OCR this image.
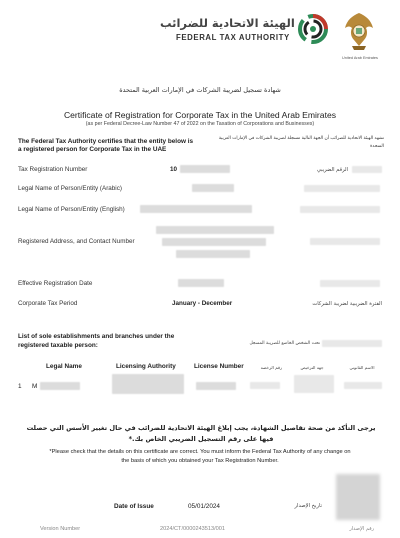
الهيئة الاتحادية للضرائب
FEDERAL TAX AUTHORITY
United Arab Emirates
شهادة تسجيل لضريبة الشركات في الإمارات العربية المتحدة
Certificate of Registration for Corporate Tax in the United Arab Emirates
(as per Federal Decree-Law Number 47 of 2022 on the Taxation of Corporations and Businesses)
The Federal Tax Authority certifies that the entity below is
a registered person for Corporate Tax in the UAE
تشهد الهيئة الاتحادية للضرائب أن الجهة التالية مسجلة لضريبة الشركات في الإمارات العربية
المتحدة
Tax Registration Number	10	الرقم الضريبي
Legal Name of Person/Entity (Arabic)
Legal Name of Person/Entity (English)
Registered Address, and Contact Number
Effective Registration Date
Corporate Tax Period	January - December	الفترة الضريبية لضريبة الشركات
List of sole establishments and branches under the
registered taxable person:	تحت الشخص الخاضع للضريبة المسجل
Legal Name	Licensing Authority	License Number	رقم الرخصة	جهة الترخيص	الاسم القانوني
1 M
يرجى التأكد من صحة تفاصيل الشهادة، يجب إبلاغ الهيئة الاتحادية للضرائب في حال تغيير الأسس التي حصلت فيها على رقم التسجيل الضريبي الخاص بك.*
*Please check that the details on this certificate are correct. You must inform the Federal Tax Authority of any change on
the basis of which you obtained your Tax Registration Number.
Date of Issue	05/01/2024	تاريخ الإصدار
Version Number	2024/CT/0000243513/001	رقم الإصدار
